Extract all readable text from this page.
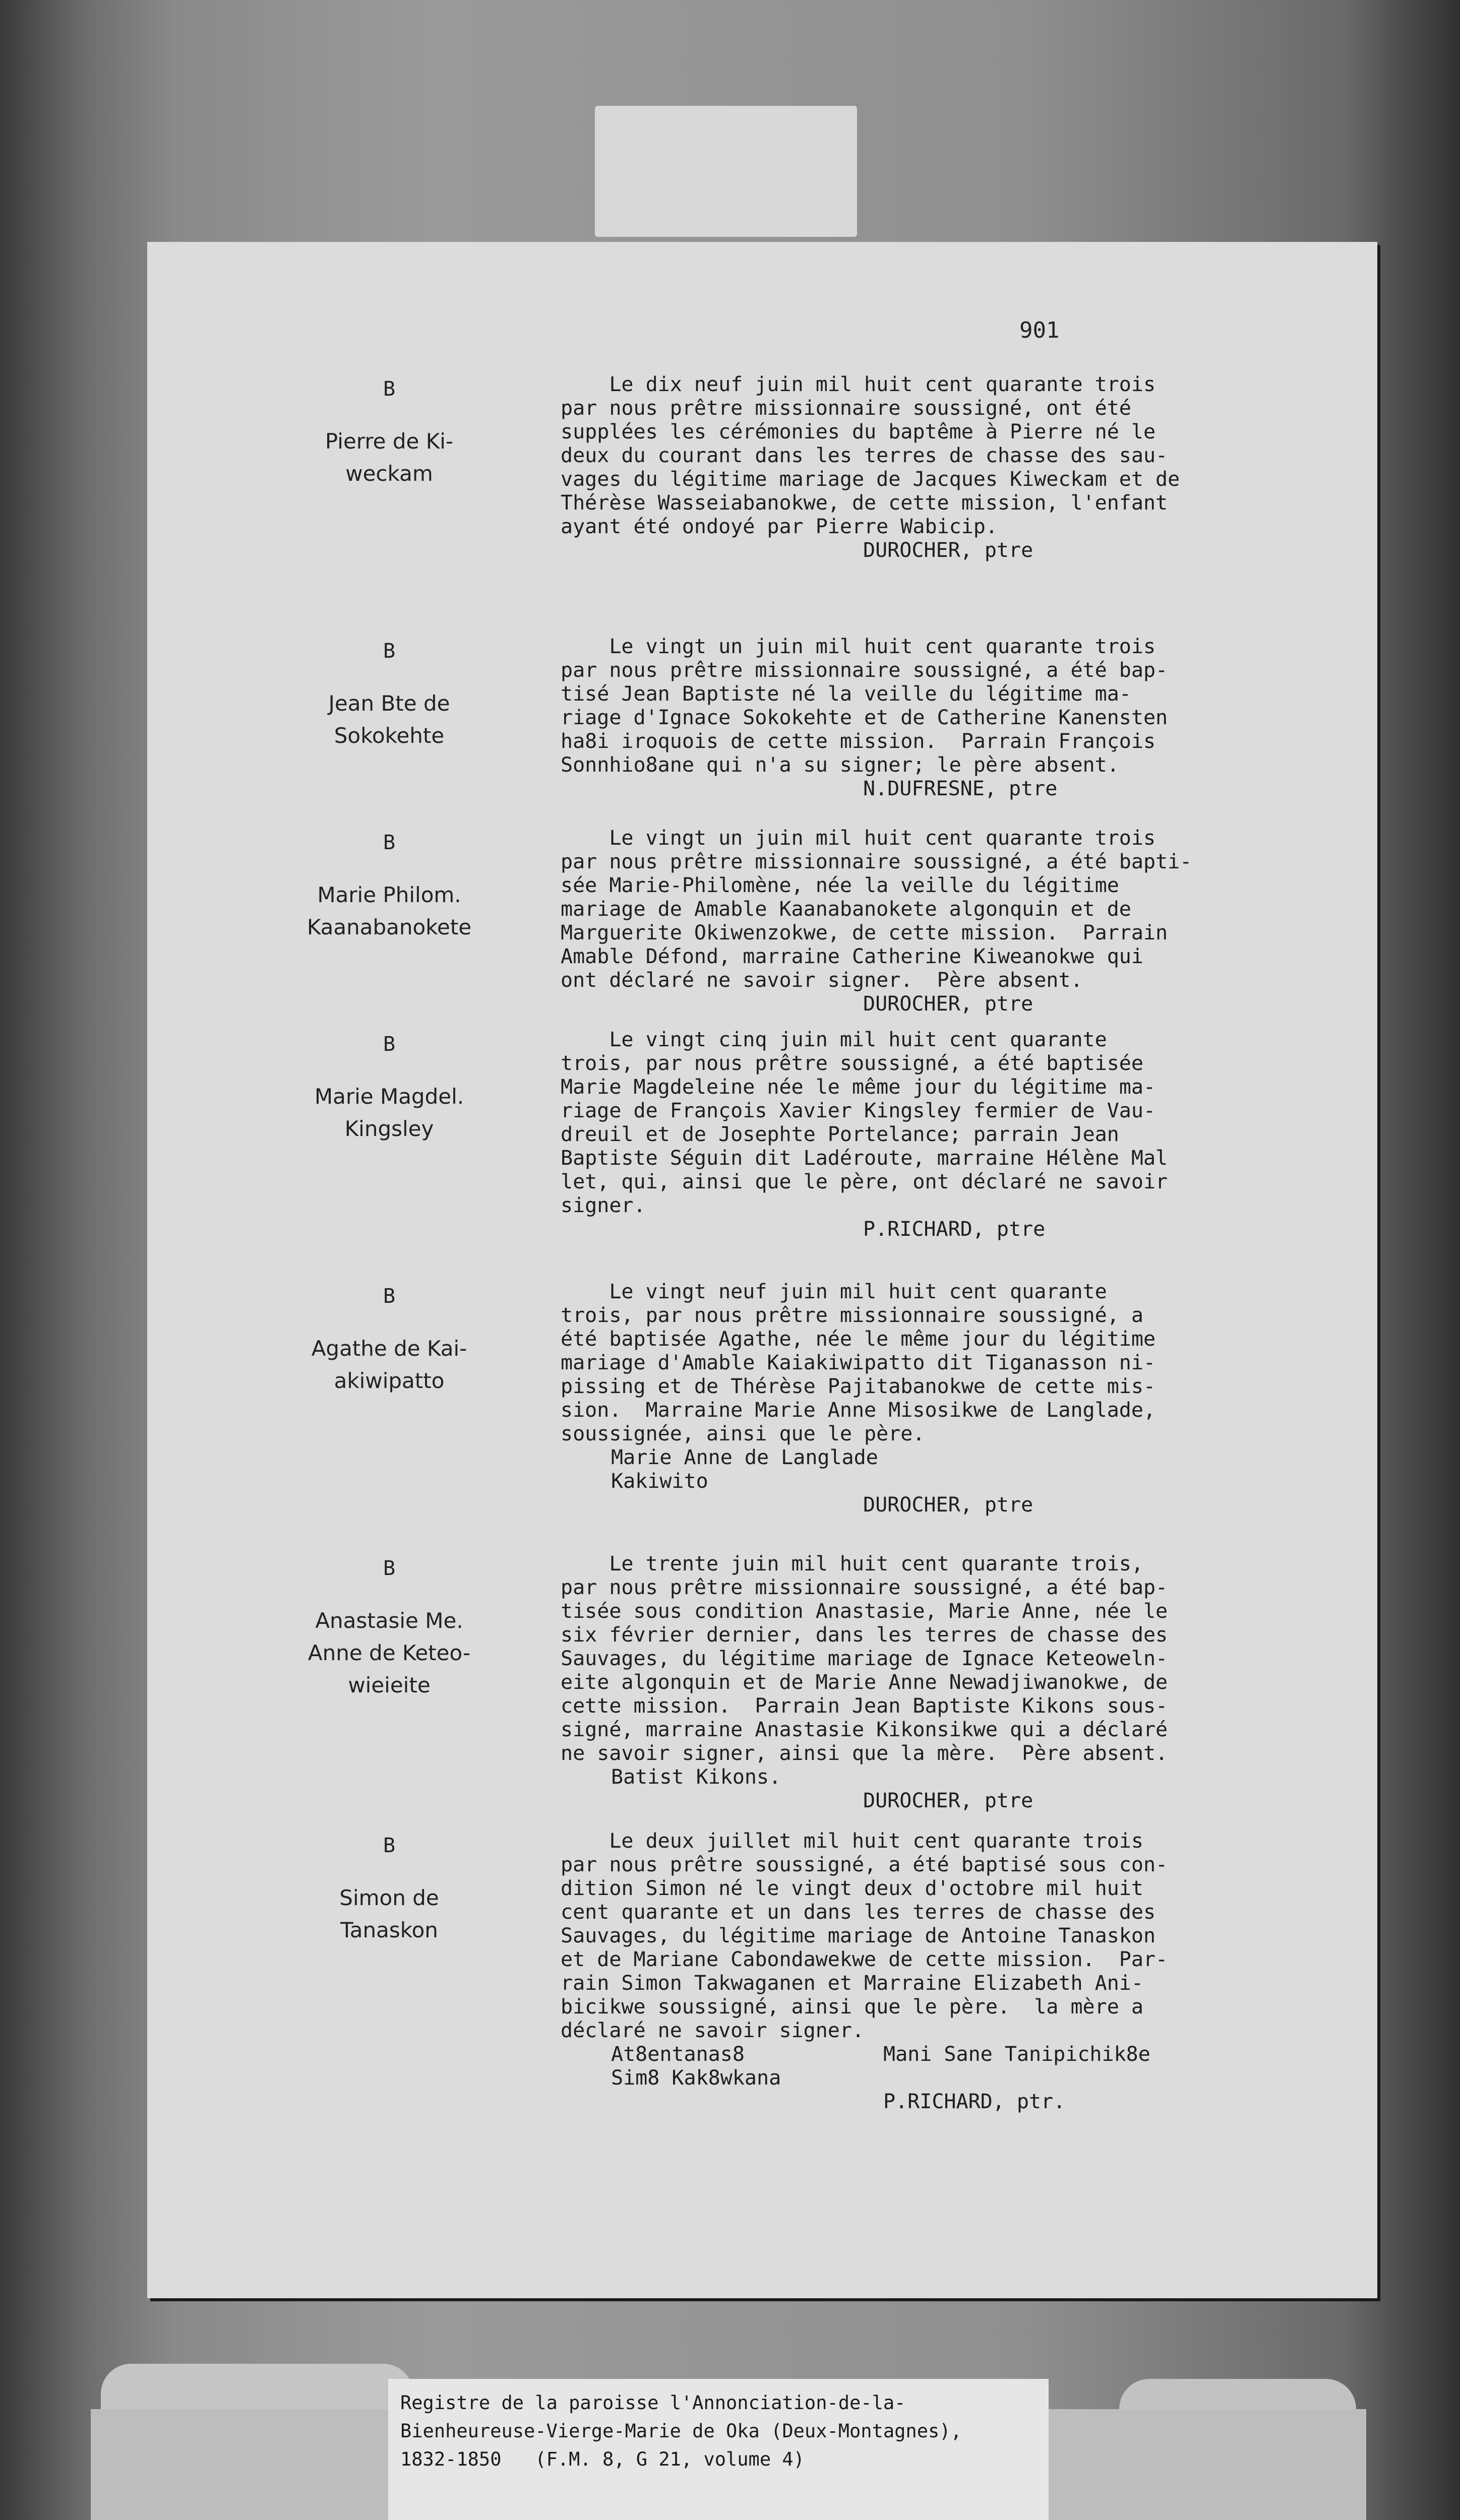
901
B
Pierre de Ki-
weckam
Le dix neuf juin mil huit cent quarante trois
par nous prêtre missionnaire soussigné, ont été
supplées les cérémonies du baptême à Pierre né le
deux du courant dans les terres de chasse des sau-
vages du légitime mariage de Jacques Kiweckam et de
Thérèse Wasseiabanokwe, de cette mission, l'enfant
ayant été ondoyé par Pierre Wabicip.
DUROCHER, ptre
B
Jean Bte de
Sokokehte
Le vingt un juin mil huit cent quarante trois
par nous prêtre missionnaire soussigné, a été bap-
tisé Jean Baptiste né la veille du légitime ma-
riage d'Ignace Sokokehte et de Catherine Kanensten
ha8i iroquois de cette mission.  Parrain François
Sonnhio8ane qui n'a su signer; le père absent.
N.DUFRESNE, ptre
B
Marie Philom.
Kaanabanokete
Le vingt un juin mil huit cent quarante trois
par nous prêtre missionnaire soussigné, a été bapti-
sée Marie-Philomène, née la veille du légitime
mariage de Amable Kaanabanokete algonquin et de
Marguerite Okiwenzokwe, de cette mission.  Parrain
Amable Défond, marraine Catherine Kiweanokwe qui
ont déclaré ne savoir signer.  Père absent.
DUROCHER, ptre
B
Marie Magdel.
Kingsley
Le vingt cinq juin mil huit cent quarante
trois, par nous prêtre soussigné, a été baptisée
Marie Magdeleine née le même jour du légitime ma-
riage de François Xavier Kingsley fermier de Vau-
dreuil et de Josephte Portelance; parrain Jean
Baptiste Séguin dit Ladéroute, marraine Hélène Mal
let, qui, ainsi que le père, ont déclaré ne savoir
signer.
P.RICHARD, ptre
B
Agathe de Kai-
akiwipatto
Le vingt neuf juin mil huit cent quarante
trois, par nous prêtre missionnaire soussigné, a
été baptisée Agathe, née le même jour du légitime
mariage d'Amable Kaiakiwipatto dit Tiganasson ni-
pissing et de Thérèse Pajitabanokwe de cette mis-
sion.  Marraine Marie Anne Misosikwe de Langlade,
soussignée, ainsi que le père.
Marie Anne de Langlade
Kakiwito
DUROCHER, ptre
B
Anastasie Me.
Anne de Keteo-
wieieite
Le trente juin mil huit cent quarante trois,
par nous prêtre missionnaire soussigné, a été bap-
tisée sous condition Anastasie, Marie Anne, née le
six février dernier, dans les terres de chasse des
Sauvages, du légitime mariage de Ignace Keteoweln-
eite algonquin et de Marie Anne Newadjiwanokwe, de
cette mission.  Parrain Jean Baptiste Kikons sous-
signé, marraine Anastasie Kikonsikwe qui a déclaré
ne savoir signer, ainsi que la mère.  Père absent.
Batist Kikons.
DUROCHER, ptre
B
Simon de
Tanaskon
Le deux juillet mil huit cent quarante trois
par nous prêtre soussigné, a été baptisé sous con-
dition Simon né le vingt deux d'octobre mil huit
cent quarante et un dans les terres de chasse des
Sauvages, du légitime mariage de Antoine Tanaskon
et de Mariane Cabondawekwe de cette mission.  Par-
rain Simon Takwaganen et Marraine Elizabeth Ani-
bicikwe soussigné, ainsi que le père.  la mère a
déclaré ne savoir signer.
At8entanas8
Sim8 Kak8wkana
Mani Sane Tanipichik8e
P.RICHARD, ptr.
Registre de la paroisse l'Annonciation-de-la-
Bienheureuse-Vierge-Marie de Oka (Deux-Montagnes),
1832-1850   (F.M. 8, G 21, volume 4)
